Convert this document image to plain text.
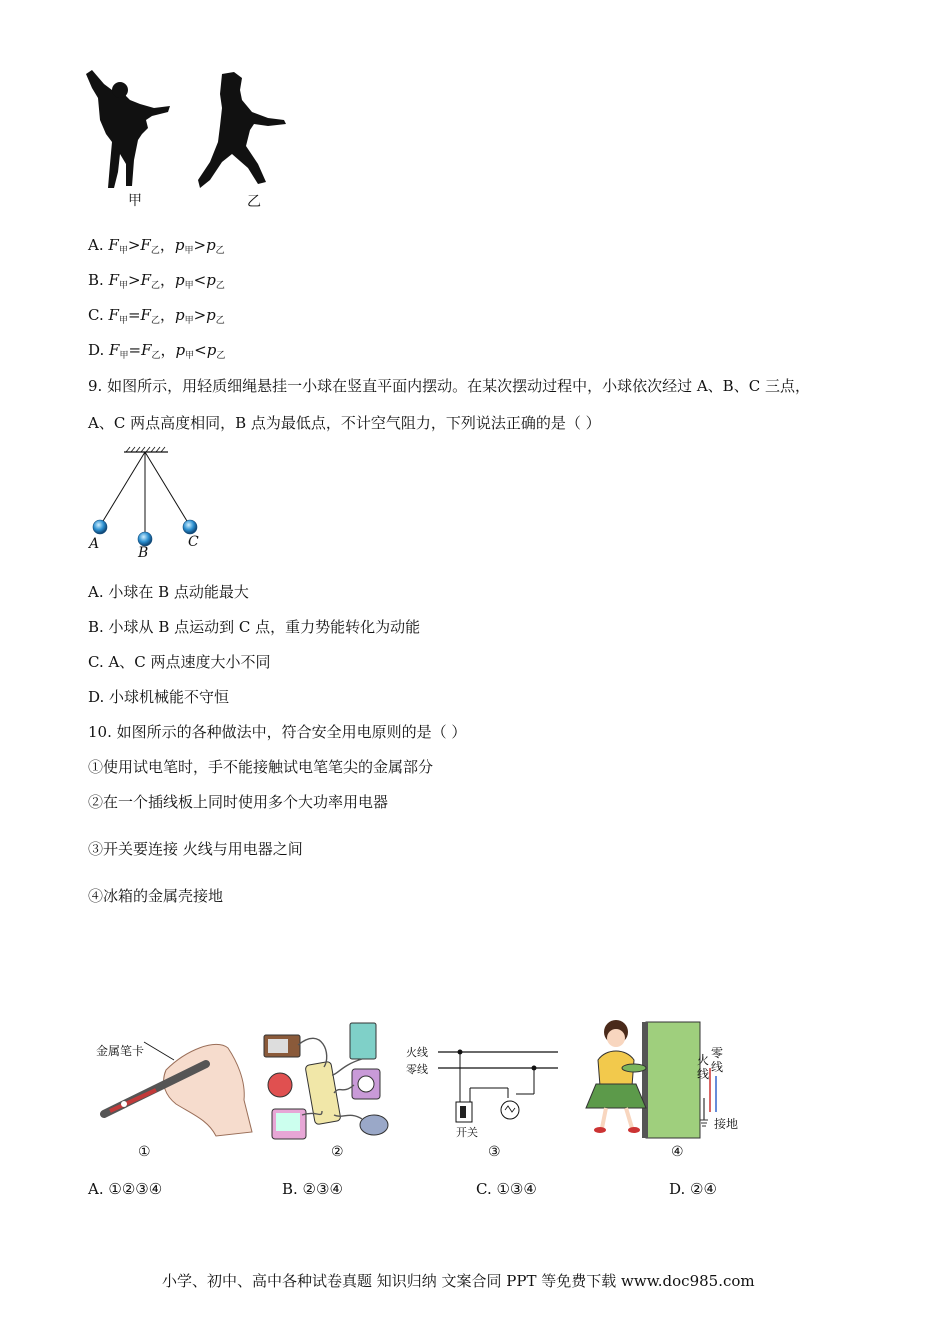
甲	乙
A. $F_甲>F_乙$，$p_甲>p_乙$
B. $F_甲>F_乙$，$p_甲<p_乙$
C. $F_甲=F_乙$，$p_甲>p_乙$
D. $F_甲=F_乙$，$p_甲<p_乙$
9. 如图所示，用轻质细绳悬挂一小球在竖直平面内摆动。在某次摆动过程中，小球依次经过 A、B、C 三点，
A、C 两点高度相同，B 点为最低点，不计空气阻力，下列说法正确的是（ ）
A
B
C
A. 小球在 B 点动能最大
B. 小球从 B 点运动到 C 点，重力势能转化为动能
C. A、C 两点速度大小不同
D. 小球机械能不守恒
10. 如图所示的各种做法中，符合安全用电原则的是（ ）
①使用试电笔时，手不能接触试电笔笔尖的金属部分
②在一个插线板上同时使用多个大功率用电器
③开关要连接 火线与用电器之间
④冰箱的金属壳接地
金属笔卡	火线
零线
开关
火线
零线
接地
①	②	③	④
A. ①②③④	B. ②③④	C. ①③④	D. ②④
小学、初中、高中各种试卷真题 知识归纳 文案合同 PPT 等免费下载 www.doc985.com
